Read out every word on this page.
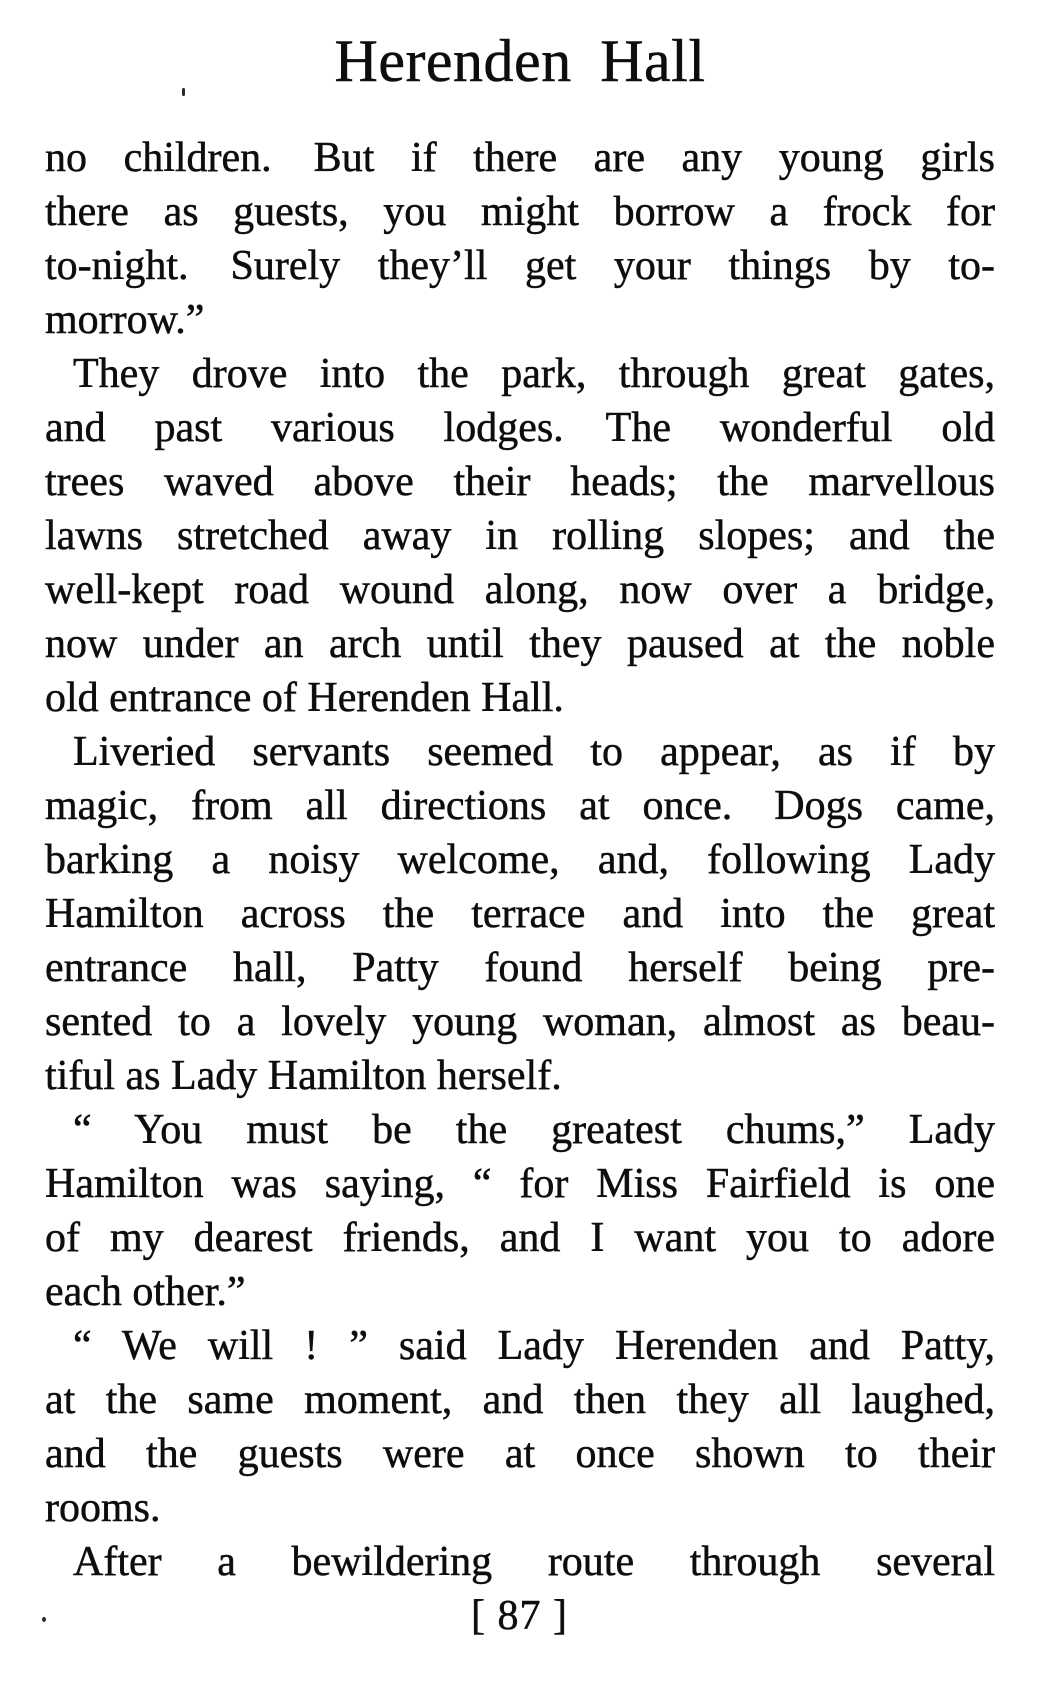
Herenden Hall
no children. But if there are any young girls
there as guests, you might borrow a frock for
to-night. Surely they’ll get your things by to-
morrow.”
They drove into the park, through great gates,
and past various lodges. The wonderful old
trees waved above their heads; the marvellous
lawns stretched away in rolling slopes; and the
well-kept road wound along, now over a bridge,
now under an arch until they paused at the noble
old entrance of Herenden Hall.
Liveried servants seemed to appear, as if by
magic, from all directions at once. Dogs came,
barking a noisy welcome, and, following Lady
Hamilton across the terrace and into the great
entrance hall, Patty found herself being pre-
sented to a lovely young woman, almost as beau-
tiful as Lady Hamilton herself.
“ You must be the greatest chums,” Lady
Hamilton was saying, “ for Miss Fairfield is one
of my dearest friends, and I want you to adore
each other.”
“ We will ! ” said Lady Herenden and Patty,
at the same moment, and then they all laughed,
and the guests were at once shown to their
rooms.
After a bewildering route through several
[ 87 ]
